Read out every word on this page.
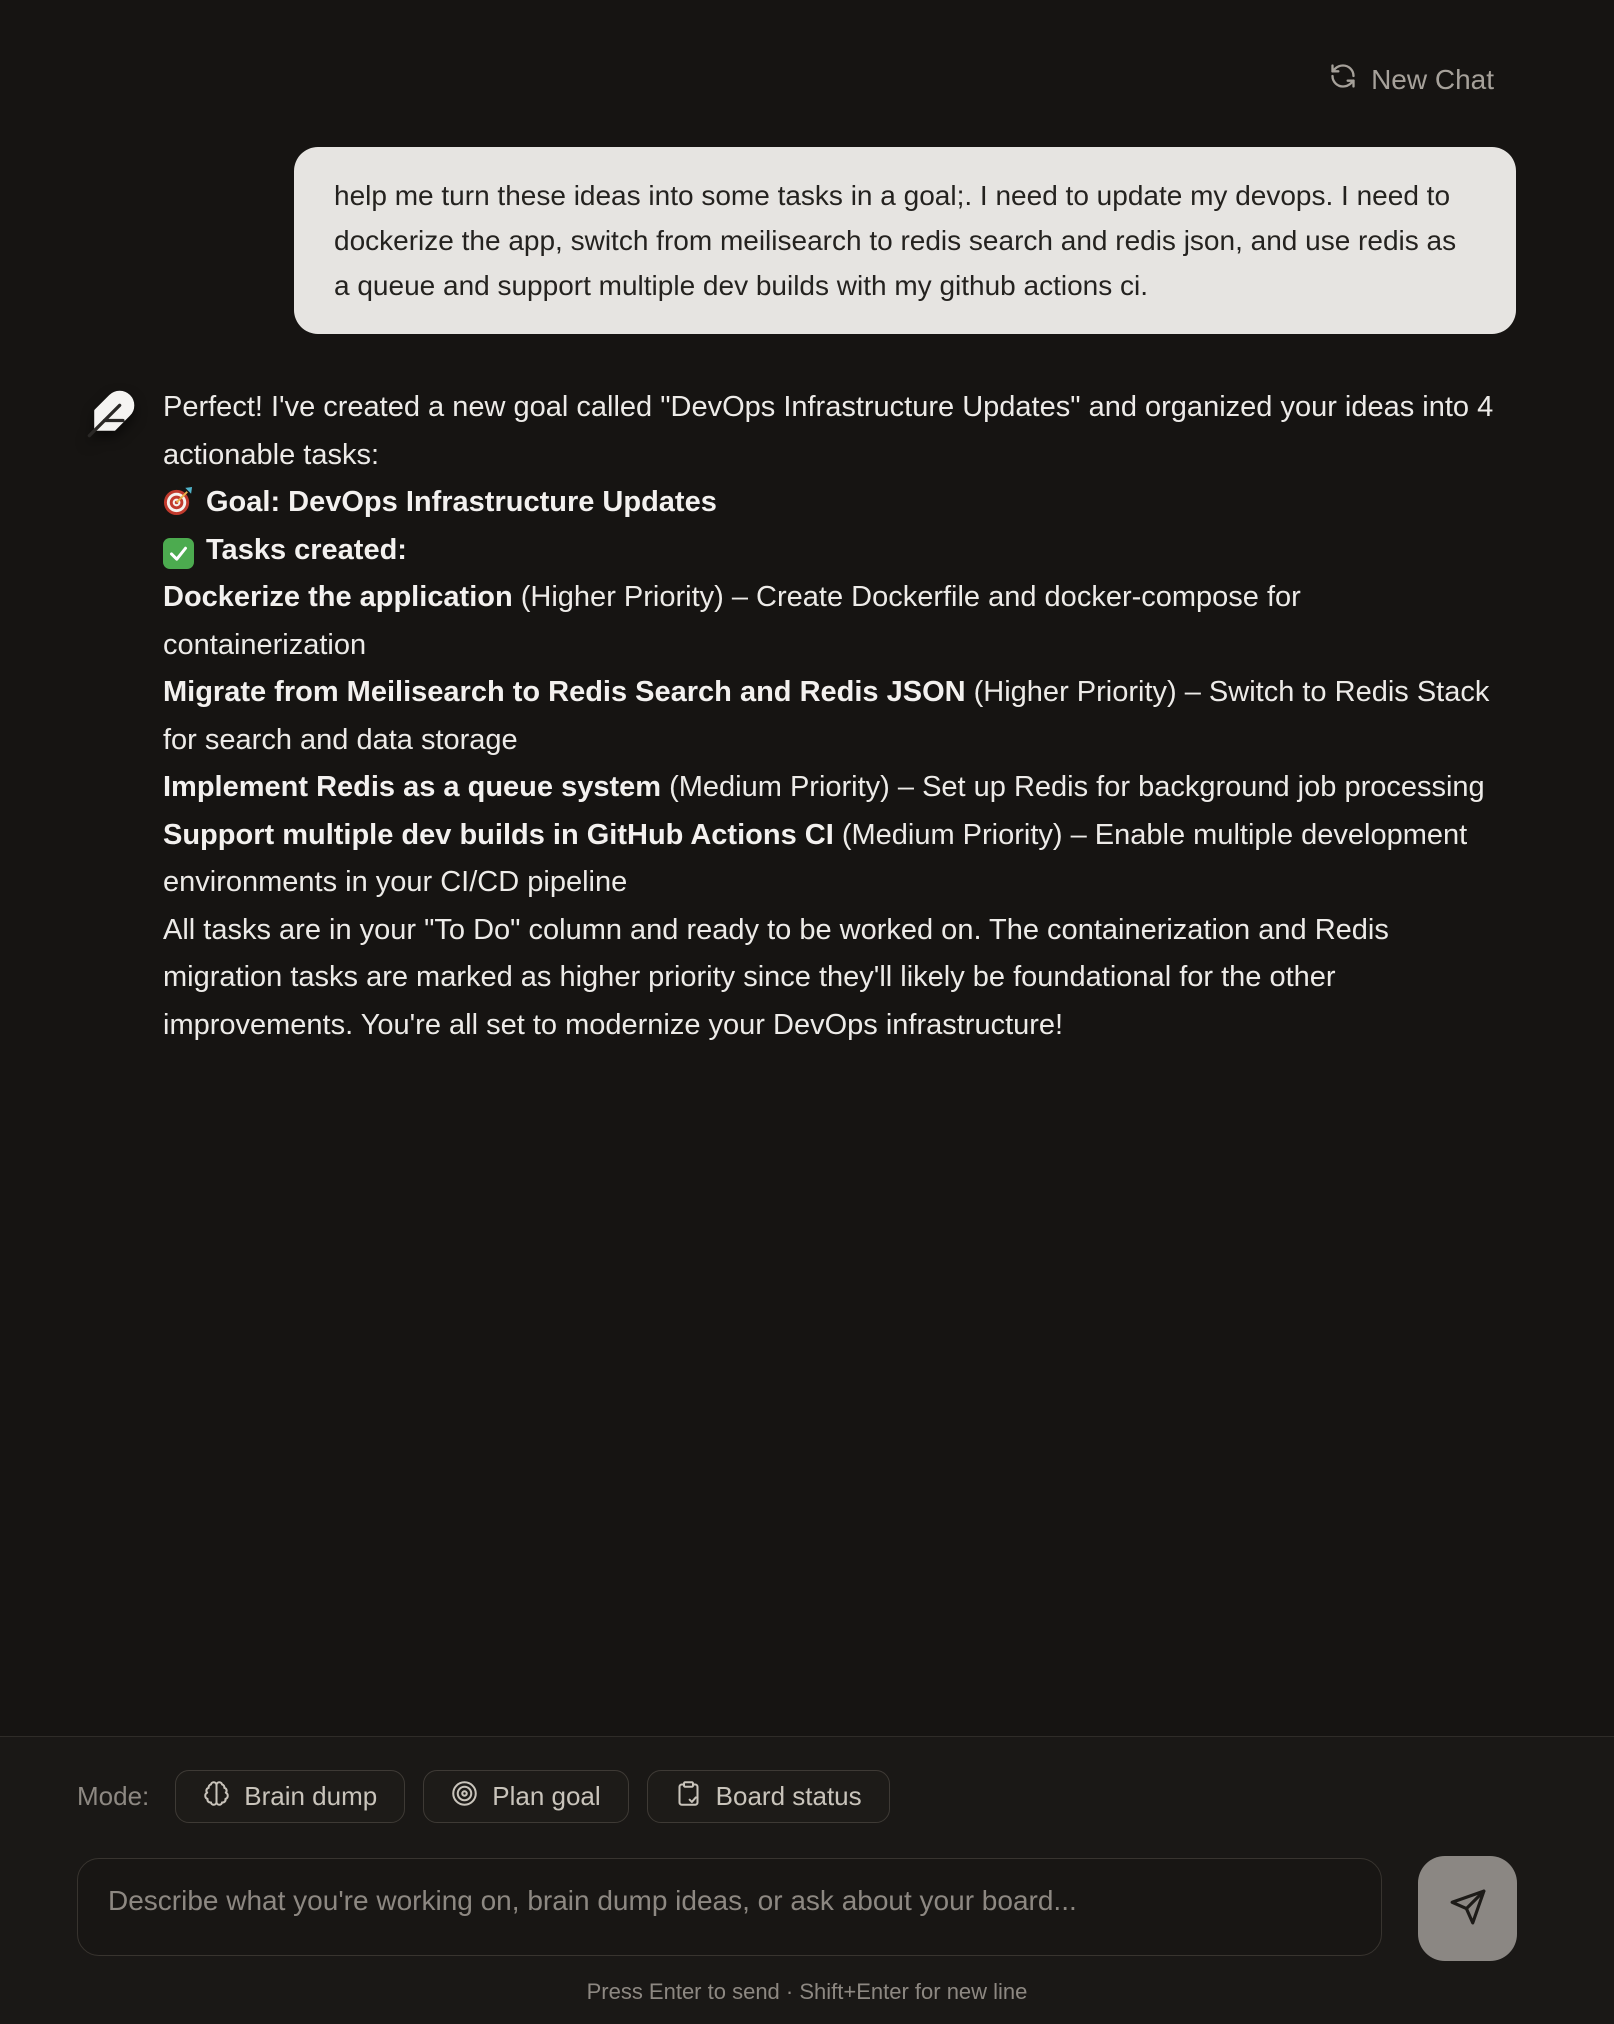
New Chat
help me turn these ideas into some tasks in a goal;. I need to update my devops. I need to dockerize the app, switch from meilisearch to redis search and redis json, and use redis as a queue and support multiple dev builds with my github actions ci.

Perfect! I've created a new goal called "DevOps Infrastructure Updates" and organized your ideas into 4 actionable tasks:

Goal: DevOps Infrastructure Updates

Tasks created:

Dockerize the application (Higher Priority) – Create Dockerfile and docker-compose for containerization

Migrate from Meilisearch to Redis Search and Redis JSON (Higher Priority) – Switch to Redis Stack for search and data storage

Implement Redis as a queue system (Medium Priority) – Set up Redis for background job processing

Support multiple dev builds in GitHub Actions CI (Medium Priority) – Enable multiple development environments in your CI/CD pipeline

All tasks are in your "To Do" column and ready to be worked on. The containerization and Redis migration tasks are marked as higher priority since they'll likely be foundational for the other improvements. You're all set to modernize your DevOps infrastructure!

Mode:	Brain dump	Plan goal	Board status
Describe what you're working on, brain dump ideas, or ask about your board...
Press Enter to send · Shift+Enter for new line
